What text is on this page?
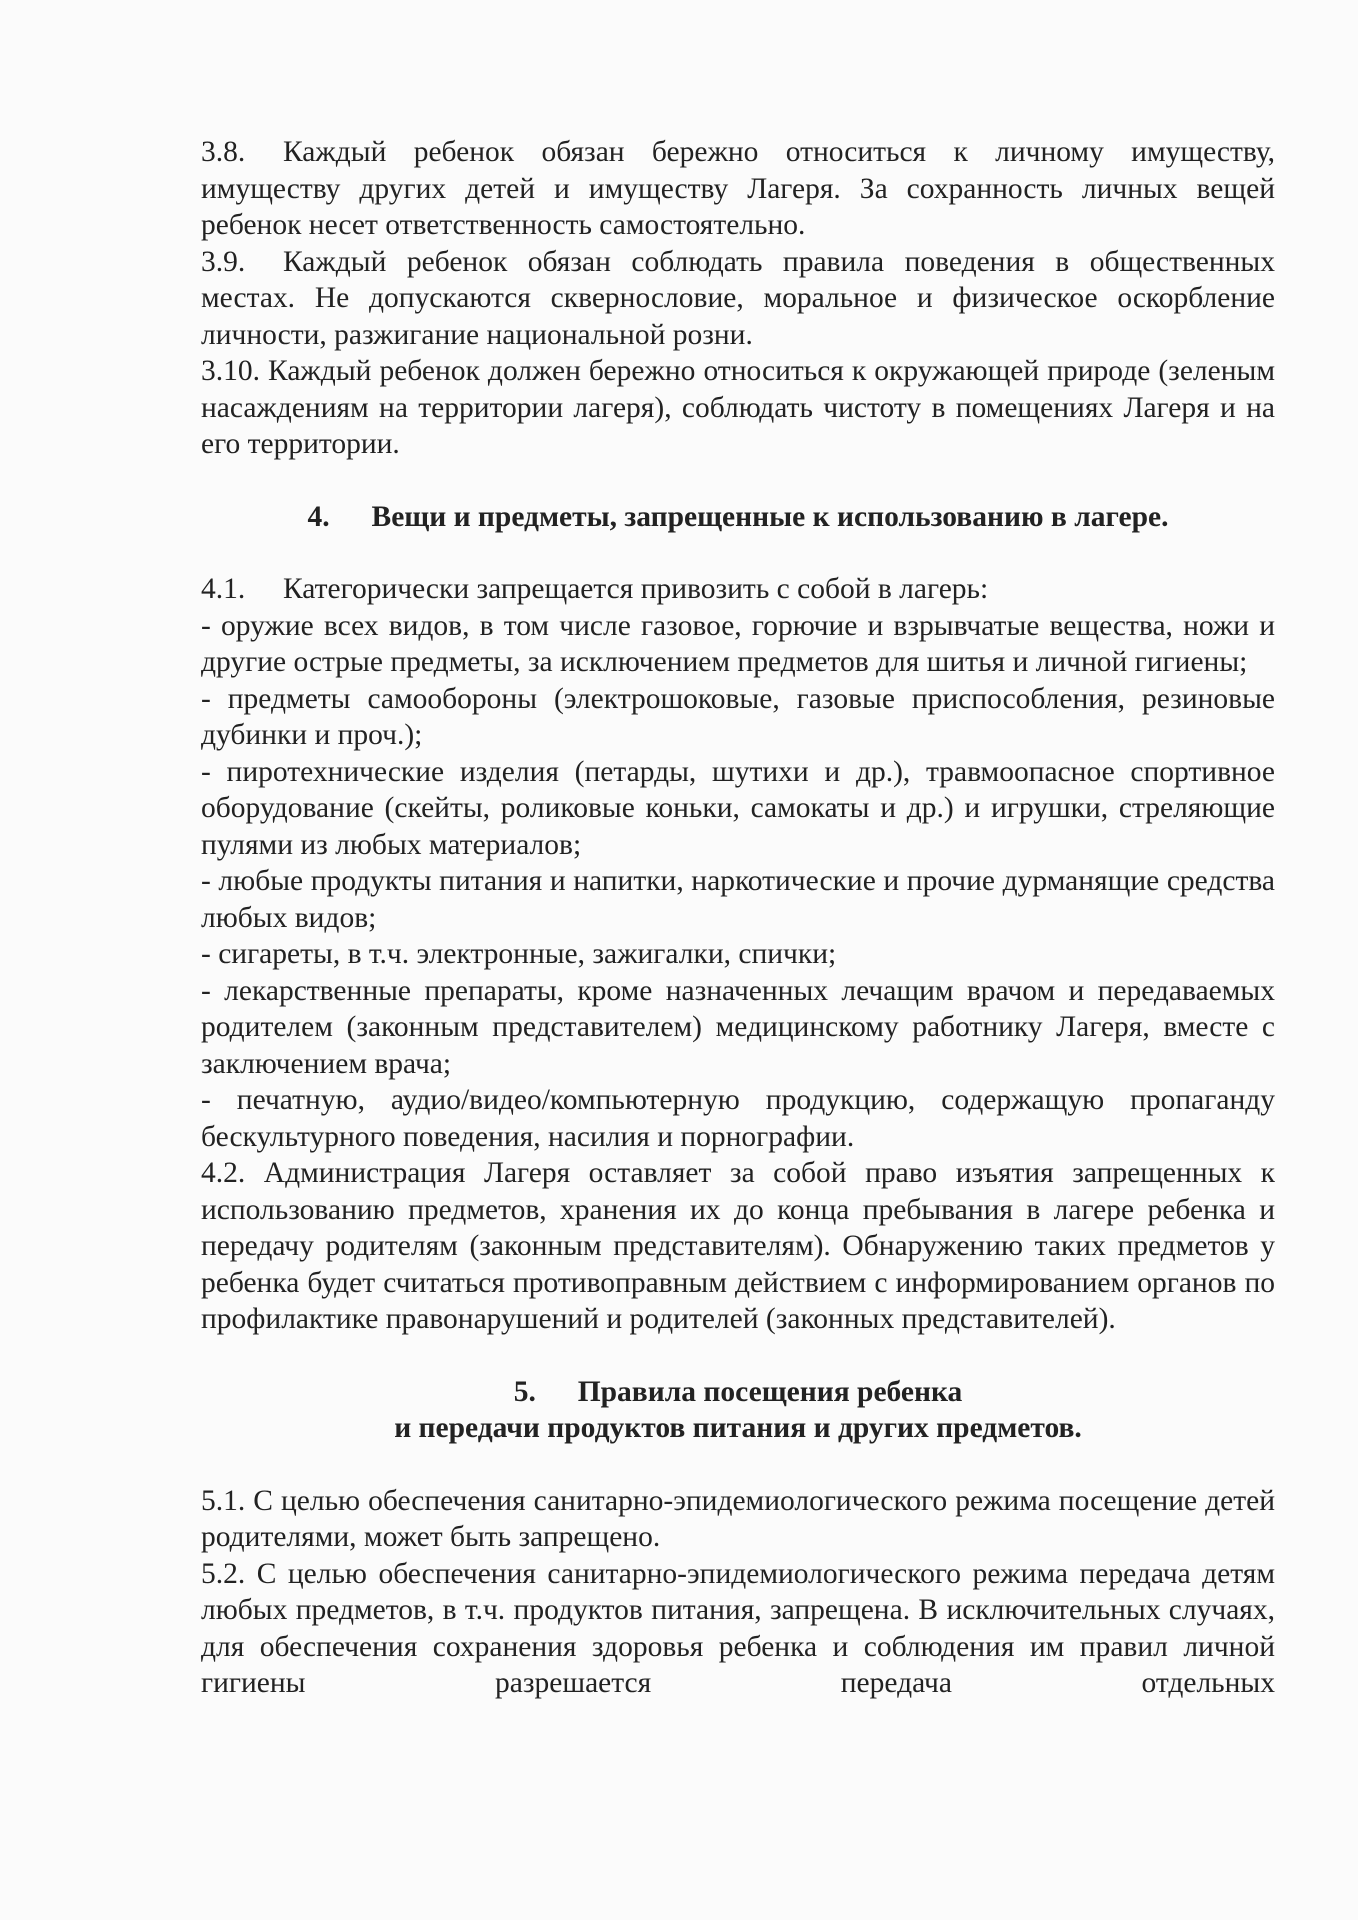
3.8. Каждый ребенок обязан бережно относиться к личному имуществу, имуществу других детей и имуществу Лагеря. За сохранность личных вещей ребенок несет ответственность самостоятельно.

3.9. Каждый ребенок обязан соблюдать правила поведения в общественных местах. Не допускаются сквернословие, моральное и физическое оскорбление личности, разжигание национальной розни.

3.10. Каждый ребенок должен бережно относиться к окружающей природе (зеленым насаждениям на территории лагеря), соблюдать чистоту в помещениях Лагеря и на его территории.

4. Вещи и предметы, запрещенные к использованию в лагере.

4.1. Категорически запрещается привозить с собой в лагерь:

- оружие всех видов, в том числе газовое, горючие и взрывчатые вещества, ножи и другие острые предметы, за исключением предметов для шитья и личной гигиены;

- предметы самообороны (электрошоковые, газовые приспособления, резиновые дубинки и проч.);

- пиротехнические изделия (петарды, шутихи и др.), травмоопасное спортивное оборудование (скейты, роликовые коньки, самокаты и др.) и игрушки, стреляющие пулями из любых материалов;

- любые продукты питания и напитки, наркотические и прочие дурманящие средства любых видов;

- сигареты, в т.ч. электронные, зажигалки, спички;

- лекарственные препараты, кроме назначенных лечащим врачом и передаваемых родителем (законным представителем) медицинскому работнику Лагеря, вместе с заключением врача;

- печатную, аудио/видео/компьютерную продукцию, содержащую пропаганду бескультурного поведения, насилия и порнографии.

4.2. Администрация Лагеря оставляет за собой право изъятия запрещенных к использованию предметов, хранения их до конца пребывания в лагере ребенка и передачу родителям (законным представителям). Обнаружению таких предметов у ребенка будет считаться противоправным действием с информированием органов по профилактике правонарушений и родителей (законных представителей).

5. Правила посещения ребенка

и передачи продуктов питания и других предметов.

5.1. С целью обеспечения санитарно-эпидемиологического режима посещение детей родителями, может быть запрещено.

5.2. С целью обеспечения санитарно-эпидемиологического режима передача детям любых предметов, в т.ч. продуктов питания, запрещена. В исключительных случаях, для обеспечения сохранения здоровья ребенка и соблюдения им правил личной гигиены разрешается передача отдельных
